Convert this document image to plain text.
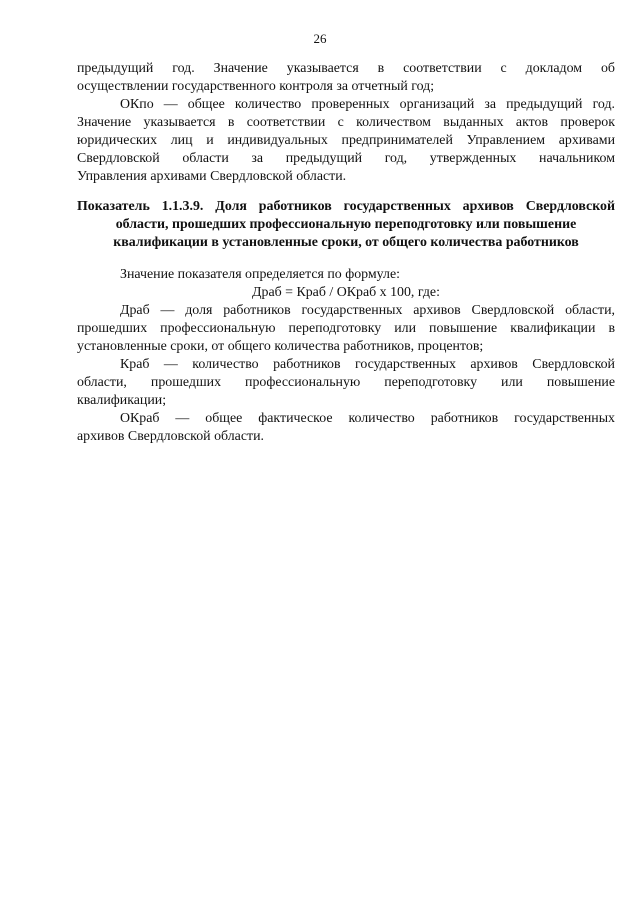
26
предыдущий год. Значение указывается в соответствии с докладом об
осуществлении государственного контроля за отчетный год;
ОКпо — общее количество проверенных организаций за предыдущий год.
Значение указывается в соответствии с количеством выданных актов проверок
юридических лиц и индивидуальных предпринимателей Управлением архивами
Свердловской области за предыдущий год, утвержденных начальником
Управления архивами Свердловской области.
Показатель 1.1.3.9. Доля работников государственных архивов Свердловской
области, прошедших профессиональную переподготовку или повышение
квалификации в установленные сроки, от общего количества работников
Значение показателя определяется по формуле:
Драб = Краб / ОКраб x 100, где:
Драб — доля работников государственных архивов Свердловской области,
прошедших профессиональную переподготовку или повышение квалификации в
установленные сроки, от общего количества работников, процентов;
Краб — количество работников государственных архивов Свердловской
области, прошедших профессиональную переподготовку или повышение
квалификации;
ОКраб — общее фактическое количество работников государственных
архивов Свердловской области.
